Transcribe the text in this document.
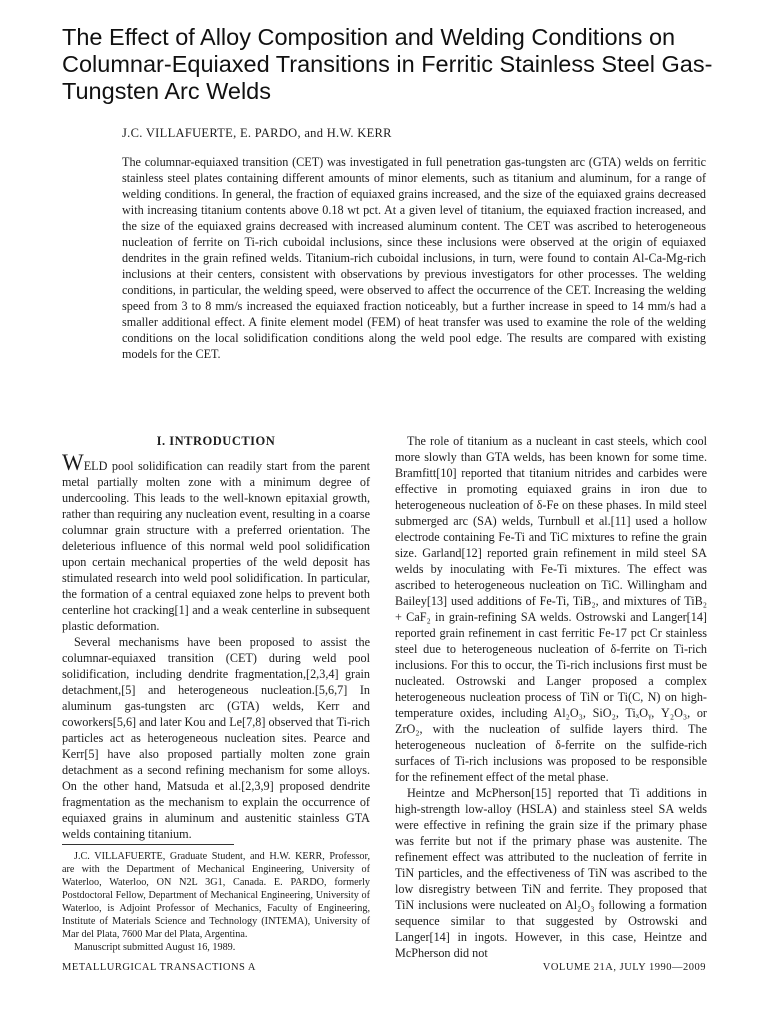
The Effect of Alloy Composition and Welding Conditions on Columnar-Equiaxed Transitions in Ferritic Stainless Steel Gas-Tungsten Arc Welds

J.C. VILLAFUERTE, E. PARDO, and H.W. KERR

The columnar-equiaxed transition (CET) was investigated in full penetration gas-tungsten arc (GTA) welds on ferritic stainless steel plates containing different amounts of minor elements, such as titanium and aluminum, for a range of welding conditions. In general, the fraction of equiaxed grains increased, and the size of the equiaxed grains decreased with increasing titanium contents above 0.18 wt pct. At a given level of titanium, the equiaxed fraction increased, and the size of the equiaxed grains decreased with increased aluminum content. The CET was ascribed to heterogeneous nucleation of ferrite on Ti-rich cuboidal inclusions, since these inclusions were observed at the origin of equiaxed dendrites in the grain refined welds. Titanium-rich cuboidal inclusions, in turn, were found to contain Al-Ca-Mg-rich inclusions at their centers, consistent with observations by previous investigators for other processes. The welding conditions, in particular, the welding speed, were observed to affect the occurrence of the CET. Increasing the welding speed from 3 to 8 mm/s increased the equiaxed fraction noticeably, but a further increase in speed to 14 mm/s had a smaller additional effect. A finite element model (FEM) of heat transfer was used to examine the role of the welding conditions on the local solidification conditions along the weld pool edge. The results are compared with existing models for the CET.

I. INTRODUCTION

WELD pool solidification can readily start from the parent metal partially molten zone with a minimum degree of undercooling. This leads to the well-known epitaxial growth, rather than requiring any nucleation event, resulting in a coarse columnar grain structure with a preferred orientation. The deleterious influence of this normal weld pool solidification upon certain mechanical properties of the weld deposit has stimulated research into weld pool solidification. In particular, the formation of a central equiaxed zone helps to prevent both centerline hot cracking[1] and a weak centerline in subsequent plastic deformation.

Several mechanisms have been proposed to assist the columnar-equiaxed transition (CET) during weld pool solidification, including dendrite fragmentation,[2,3,4] grain detachment,[5] and heterogeneous nucleation.[5,6,7] In aluminum gas-tungsten arc (GTA) welds, Kerr and coworkers[5,6] and later Kou and Le[7,8] observed that Ti-rich particles act as heterogeneous nucleation sites. Pearce and Kerr[5] have also proposed partially molten zone grain detachment as a second refining mechanism for some alloys. On the other hand, Matsuda et al.[2,3,9] proposed dendrite fragmentation as the mechanism to explain the occurrence of equiaxed grains in aluminum and austenitic stainless GTA welds containing titanium.

The role of titanium as a nucleant in cast steels, which cool more slowly than GTA welds, has been known for some time. Bramfitt[10] reported that titanium nitrides and carbides were effective in promoting equiaxed grains in iron due to heterogeneous nucleation of δ-Fe on these phases. In mild steel submerged arc (SA) welds, Turnbull et al.[11] used a hollow electrode containing Fe-Ti and TiC mixtures to refine the grain size. Garland[12] reported grain refinement in mild steel SA welds by inoculating with Fe-Ti mixtures. The effect was ascribed to heterogeneous nucleation on TiC. Willingham and Bailey[13] used additions of Fe-Ti, TiB₂, and mixtures of TiB₂ + CaF₂ in grain-refining SA welds. Ostrowski and Langer[14] reported grain refinement in cast ferritic Fe-17 pct Cr stainless steel due to heterogeneous nucleation of δ-ferrite on Ti-rich inclusions. For this to occur, the Ti-rich inclusions first must be nucleated. Ostrowski and Langer proposed a complex heterogeneous nucleation process of TiN or Ti(C, N) on high-temperature oxides, including Al₂O₃, SiO₂, TiₓOᵧ, Y₂O₃, or ZrO₂, with the nucleation of sulfide layers third. The heterogeneous nucleation of δ-ferrite on the sulfide-rich surfaces of Ti-rich inclusions was proposed to be responsible for the refinement effect of the metal phase.

Heintze and McPherson[15] reported that Ti additions in high-strength low-alloy (HSLA) and stainless steel SA welds were effective in refining the grain size if the primary phase was ferrite but not if the primary phase was austenite. The refinement effect was attributed to the nucleation of ferrite in TiN particles, and the effectiveness of TiN was ascribed to the low disregistry between TiN and ferrite. They proposed that TiN inclusions were nucleated on Al₂O₃ following a formation sequence similar to that suggested by Ostrowski and Langer[14] in ingots. However, in this case, Heintze and McPherson did not

J.C. VILLAFUERTE, Graduate Student, and H.W. KERR, Professor, are with the Department of Mechanical Engineering, University of Waterloo, Waterloo, ON N2L 3G1, Canada. E. PARDO, formerly Postdoctoral Fellow, Department of Mechanical Engineering, University of Waterloo, is Adjoint Professor of Mechanics, Faculty of Engineering, Institute of Materials Science and Technology (INTEMA), University of Mar del Plata, 7600 Mar del Plata, Argentina.
Manuscript submitted August 16, 1989.

METALLURGICAL TRANSACTIONS A	VOLUME 21A, JULY 1990—2009
